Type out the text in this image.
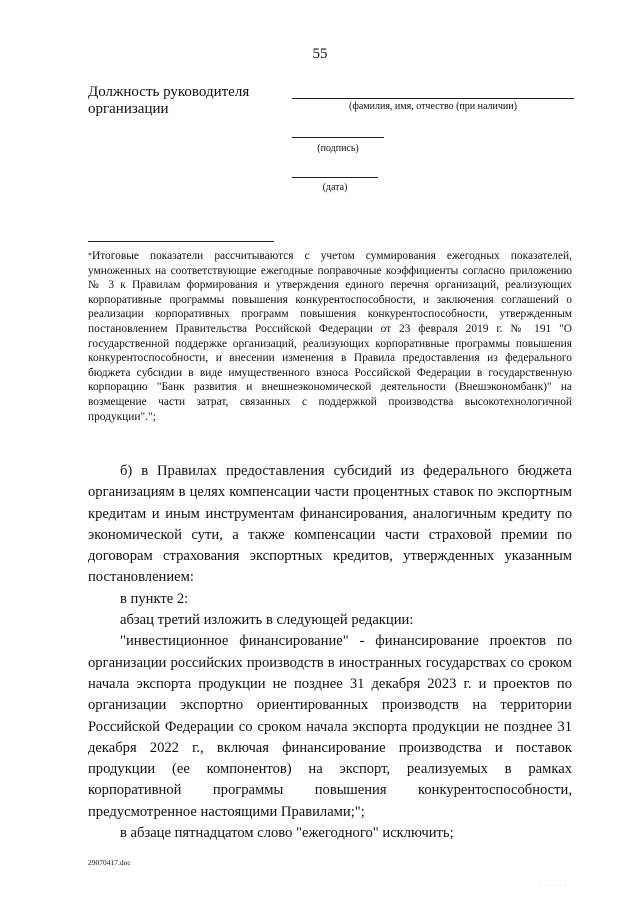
55
Должность руководителя организации	(фамилия, имя, отчество (при наличии)
(подпись)
(дата)
*Итоговые показатели рассчитываются с учетом суммирования ежегодных показателей, умноженных на соответствующие ежегодные поправочные коэффициенты согласно приложению № 3 к Правилам формирования и утверждения единого перечня организаций, реализующих корпоративные программы повышения конкурентоспособности, и заключения соглашений о реализации корпоративных программ повышения конкурентоспособности, утвержденным постановлением Правительства Российской Федерации от 23 февраля 2019 г. № 191 "О государственной поддержке организаций, реализующих корпоративные программы повышения конкурентоспособности, и внесении изменения в Правила предоставления из федерального бюджета субсидии в виде имущественного взноса Российской Федерации в государственную корпорацию "Банк развития и внешнеэкономической деятельности (Внешэкономбанк)" на возмещение части затрат, связанных с поддержкой производства высокотехнологичной продукции".";

б) в Правилах предоставления субсидий из федерального бюджета организациям в целях компенсации части процентных ставок по экспортным кредитам и иным инструментам финансирования, аналогичным кредиту по экономической сути, а также компенсации части страховой премии по договорам страхования экспортных кредитов, утвержденных указанным постановлением:

в пункте 2:

абзац третий изложить в следующей редакции:

"инвестиционное финансирование" - финансирование проектов по организации российских производств в иностранных государствах со сроком начала экспорта продукции не позднее 31 декабря 2023 г. и проектов по организации экспортно ориентированных производств на территории Российской Федерации со сроком начала экспорта продукции не позднее 31 декабря 2022 г., включая финансирование производства и поставок продукции (ее компонентов) на экспорт, реализуемых в рамках корпоративной программы повышения конкурентоспособности, предусмотренное настоящими Правилами;";

в абзаце пятнадцатом слово "ежегодного" исключить;

29070417.doc
· · · ·
